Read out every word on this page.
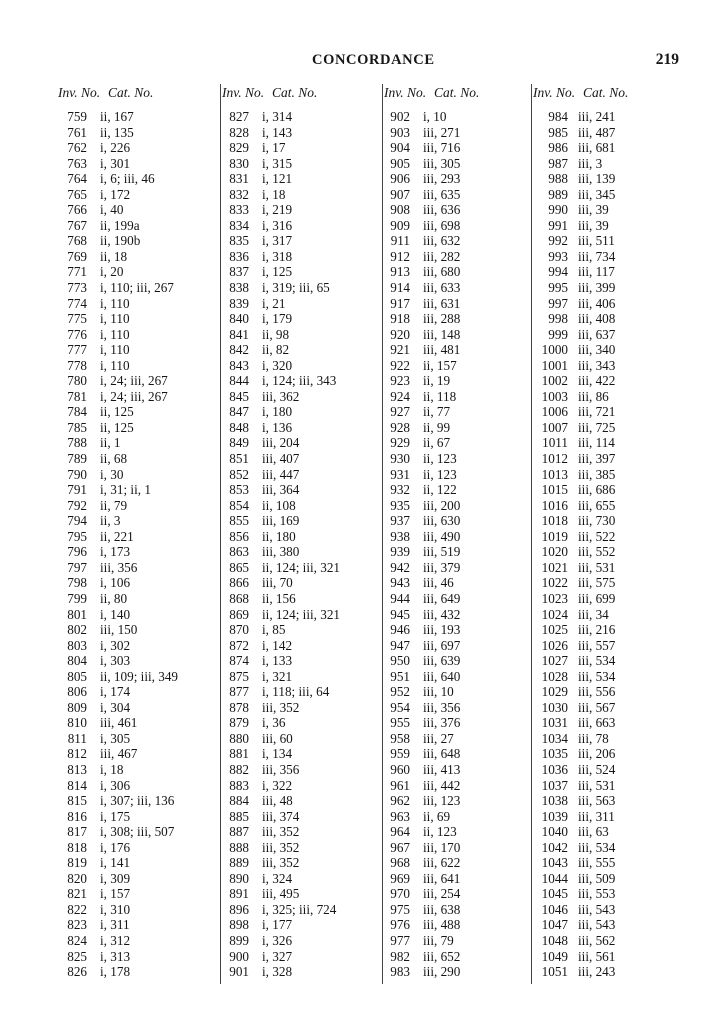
CONCORDANCE	219
Inv. No. Cat. No.
759 ii, 167
761 ii, 135
762 i, 226
763 i, 301
764 i, 6; iii, 46
765 i, 172
766 i, 40
767 ii, 199a
768 ii, 190b
769 ii, 18
771 i, 20
773 i, 110; iii, 267
774 i, 110
775 i, 110
776 i, 110
777 i, 110
778 i, 110
780 i, 24; iii, 267
781 i, 24; iii, 267
784 ii, 125
785 ii, 125
788 ii, 1
789 ii, 68
790 i, 30
791 i, 31; ii, 1
792 ii, 79
794 ii, 3
795 ii, 221
796 i, 173
797 iii, 356
798 i, 106
799 ii, 80
801 i, 140
802 iii, 150
803 i, 302
804 i, 303
805 ii, 109; iii, 349
806 i, 174
809 i, 304
810 iii, 461
811 i, 305
812 iii, 467
813 i, 18
814 i, 306
815 i, 307; iii, 136
816 i, 175
817 i, 308; iii, 507
818 i, 176
819 i, 141
820 i, 309
821 i, 157
822 i, 310
823 i, 311
824 i, 312
825 i, 313
826 i, 178
Inv. No. Cat. No.
827 i, 314
828 i, 143
829 i, 17
830 i, 315
831 i, 121
832 i, 18
833 i, 219
834 i, 316
835 i, 317
836 i, 318
837 i, 125
838 i, 319; iii, 65
839 i, 21
840 i, 179
841 ii, 98
842 ii, 82
843 i, 320
844 i, 124; iii, 343
845 iii, 362
847 i, 180
848 i, 136
849 iii, 204
851 iii, 407
852 iii, 447
853 iii, 364
854 ii, 108
855 iii, 169
856 ii, 180
863 iii, 380
865 ii, 124; iii, 321
866 iii, 70
868 ii, 156
869 ii, 124; iii, 321
870 i, 85
872 i, 142
874 i, 133
875 i, 321
877 i, 118; iii, 64
878 iii, 352
879 i, 36
880 iii, 60
881 i, 134
882 iii, 356
883 i, 322
884 iii, 48
885 iii, 374
887 iii, 352
888 iii, 352
889 iii, 352
890 i, 324
891 iii, 495
896 i, 325; iii, 724
898 i, 177
899 i, 326
900 i, 327
901 i, 328
Inv. No. Cat. No.
902 i, 10
903 iii, 271
904 iii, 716
905 iii, 305
906 iii, 293
907 iii, 635
908 iii, 636
909 iii, 698
911 iii, 632
912 iii, 282
913 iii, 680
914 iii, 633
917 iii, 631
918 iii, 288
920 iii, 148
921 iii, 481
922 ii, 157
923 ii, 19
924 ii, 118
927 ii, 77
928 ii, 99
929 ii, 67
930 ii, 123
931 ii, 123
932 ii, 122
935 iii, 200
937 iii, 630
938 iii, 490
939 iii, 519
942 iii, 379
943 iii, 46
944 iii, 649
945 iii, 432
946 iii, 193
947 iii, 697
950 iii, 639
951 iii, 640
952 iii, 10
954 iii, 356
955 iii, 376
958 iii, 27
959 iii, 648
960 iii, 413
961 iii, 442
962 iii, 123
963 ii, 69
964 ii, 123
967 iii, 170
968 iii, 622
969 iii, 641
970 iii, 254
975 iii, 638
976 iii, 488
977 iii, 79
982 iii, 652
983 iii, 290
Inv. No. Cat. No.
984 iii, 241
985 iii, 487
986 iii, 681
987 iii, 3
988 iii, 139
989 iii, 345
990 iii, 39
991 iii, 39
992 iii, 511
993 iii, 734
994 iii, 117
995 iii, 399
997 iii, 406
998 iii, 408
999 iii, 637
1000 iii, 340
1001 iii, 343
1002 iii, 422
1003 iii, 86
1006 iii, 721
1007 iii, 725
1011 iii, 114
1012 iii, 397
1013 iii, 385
1015 iii, 686
1016 iii, 655
1018 iii, 730
1019 iii, 522
1020 iii, 552
1021 iii, 531
1022 iii, 575
1023 iii, 699
1024 iii, 34
1025 iii, 216
1026 iii, 557
1027 iii, 534
1028 iii, 534
1029 iii, 556
1030 iii, 567
1031 iii, 663
1034 iii, 78
1035 iii, 206
1036 iii, 524
1037 iii, 531
1038 iii, 563
1039 iii, 311
1040 iii, 63
1042 iii, 534
1043 iii, 555
1044 iii, 509
1045 iii, 553
1046 iii, 543
1047 iii, 543
1048 iii, 562
1049 iii, 561
1051 iii, 243
